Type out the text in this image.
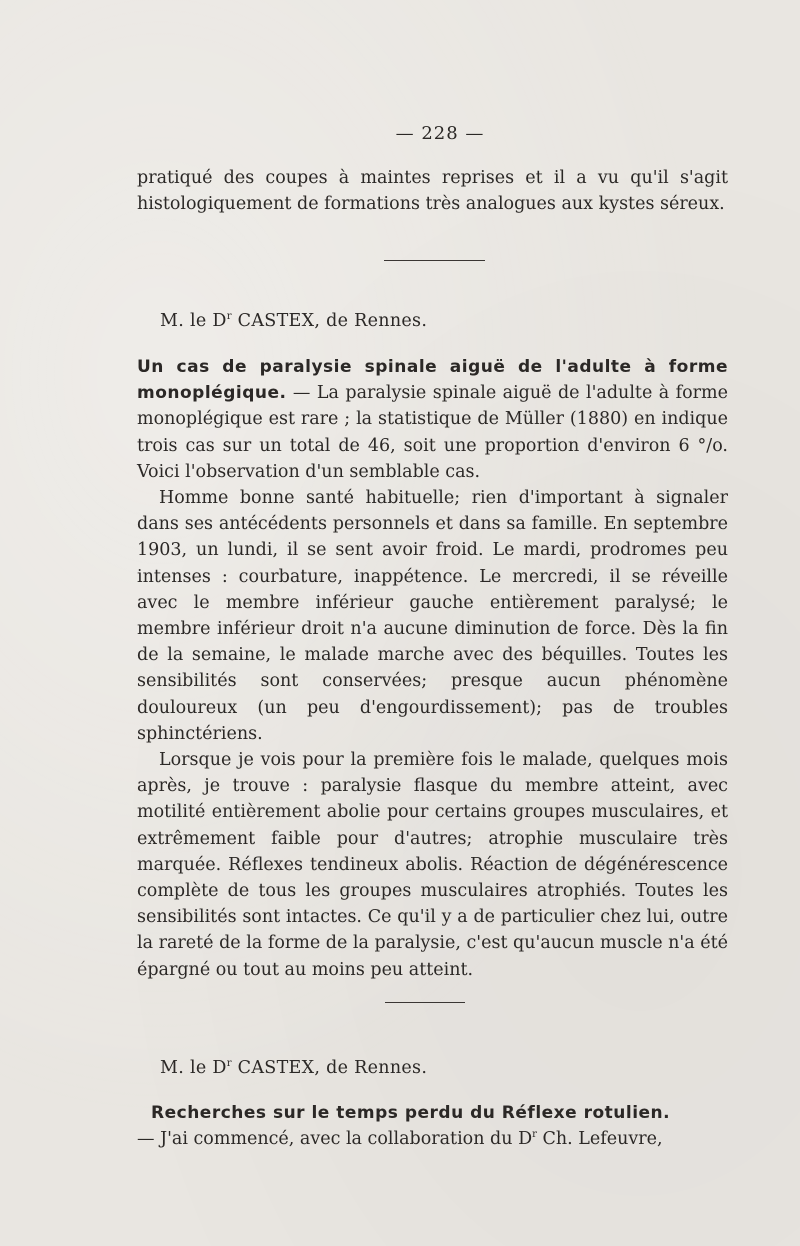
— 228 —

pratiqué des coupes à maintes reprises et il a vu qu'il s'agit histologiquement de formations très analogues aux kystes séreux.

M. le $D^r$ CASTEX, de Rennes.

Un cas de paralysie spinale aiguë de l'adulte à forme monoplégique. — La paralysie spinale aiguë de l'adulte à forme monoplégique est rare ; la statistique de Müller (1880) en indique trois cas sur un total de 46, soit une proportion d'environ 6 °/o. Voici l'observation d'un semblable cas.

Homme bonne santé habituelle; rien d'important à signaler dans ses antécédents personnels et dans sa famille. En septembre 1903, un lundi, il se sent avoir froid. Le mardi, prodromes peu intenses : courbature, inappétence. Le mercredi, il se réveille avec le membre inférieur gauche entièrement paralysé; le membre inférieur droit n'a aucune diminution de force. Dès la fin de la semaine, le malade marche avec des béquilles. Toutes les sensibilités sont conservées; presque aucun phénomène douloureux (un peu d'engourdissement); pas de troubles sphinctériens.

Lorsque je vois pour la première fois le malade, quelques mois après, je trouve : paralysie flasque du membre atteint, avec motilité entièrement abolie pour certains groupes musculaires, et extrêmement faible pour d'autres; atrophie musculaire très marquée. Réflexes tendineux abolis. Réaction de dégénérescence complète de tous les groupes musculaires atrophiés. Toutes les sensibilités sont intactes. Ce qu'il y a de particulier chez lui, outre la rareté de la forme de la paralysie, c'est qu'aucun muscle n'a été épargné ou tout au moins peu atteint.

M. le $D^r$ CASTEX, de Rennes.

Recherches sur le temps perdu du Réflexe rotulien.
— J'ai commencé, avec la collaboration du $D^r$ Ch. Lefeuvre,
